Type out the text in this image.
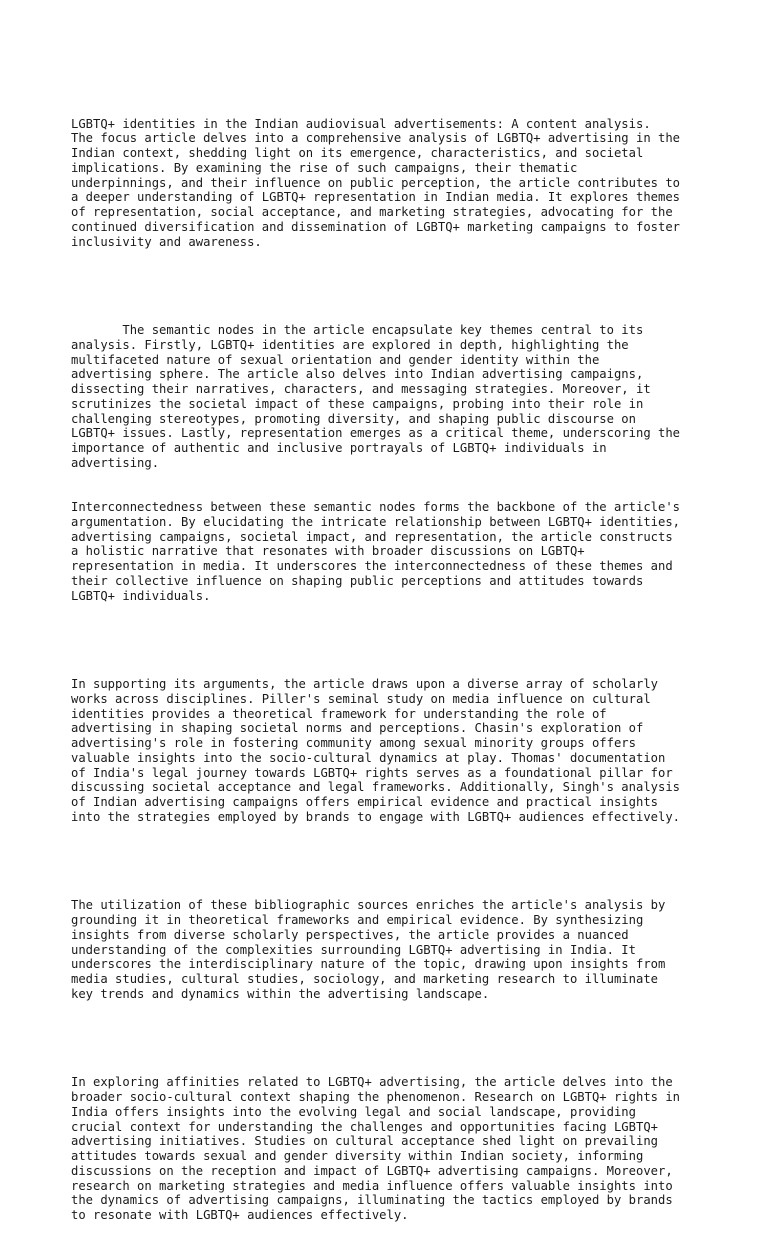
LGBTQ+ identities in the Indian audiovisual advertisements: A content analysis.
The focus article delves into a comprehensive analysis of LGBTQ+ advertising in the
Indian context, shedding light on its emergence, characteristics, and societal
implications. By examining the rise of such campaigns, their thematic
underpinnings, and their influence on public perception, the article contributes to
a deeper understanding of LGBTQ+ representation in Indian media. It explores themes
of representation, social acceptance, and marketing strategies, advocating for the
continued diversification and dissemination of LGBTQ+ marketing campaigns to foster
inclusivity and awareness.

The semantic nodes in the article encapsulate key themes central to its
analysis. Firstly, LGBTQ+ identities are explored in depth, highlighting the
multifaceted nature of sexual orientation and gender identity within the
advertising sphere. The article also delves into Indian advertising campaigns,
dissecting their narratives, characters, and messaging strategies. Moreover, it
scrutinizes the societal impact of these campaigns, probing into their role in
challenging stereotypes, promoting diversity, and shaping public discourse on
LGBTQ+ issues. Lastly, representation emerges as a critical theme, underscoring the
importance of authentic and inclusive portrayals of LGBTQ+ individuals in
advertising.

Interconnectedness between these semantic nodes forms the backbone of the article's
argumentation. By elucidating the intricate relationship between LGBTQ+ identities,
advertising campaigns, societal impact, and representation, the article constructs
a holistic narrative that resonates with broader discussions on LGBTQ+
representation in media. It underscores the interconnectedness of these themes and
their collective influence on shaping public perceptions and attitudes towards
LGBTQ+ individuals.

In supporting its arguments, the article draws upon a diverse array of scholarly
works across disciplines. Piller's seminal study on media influence on cultural
identities provides a theoretical framework for understanding the role of
advertising in shaping societal norms and perceptions. Chasin's exploration of
advertising's role in fostering community among sexual minority groups offers
valuable insights into the socio-cultural dynamics at play. Thomas' documentation
of India's legal journey towards LGBTQ+ rights serves as a foundational pillar for
discussing societal acceptance and legal frameworks. Additionally, Singh's analysis
of Indian advertising campaigns offers empirical evidence and practical insights
into the strategies employed by brands to engage with LGBTQ+ audiences effectively.

The utilization of these bibliographic sources enriches the article's analysis by
grounding it in theoretical frameworks and empirical evidence. By synthesizing
insights from diverse scholarly perspectives, the article provides a nuanced
understanding of the complexities surrounding LGBTQ+ advertising in India. It
underscores the interdisciplinary nature of the topic, drawing upon insights from
media studies, cultural studies, sociology, and marketing research to illuminate
key trends and dynamics within the advertising landscape.

In exploring affinities related to LGBTQ+ advertising, the article delves into the
broader socio-cultural context shaping the phenomenon. Research on LGBTQ+ rights in
India offers insights into the evolving legal and social landscape, providing
crucial context for understanding the challenges and opportunities facing LGBTQ+
advertising initiatives. Studies on cultural acceptance shed light on prevailing
attitudes towards sexual and gender diversity within Indian society, informing
discussions on the reception and impact of LGBTQ+ advertising campaigns. Moreover,
research on marketing strategies and media influence offers valuable insights into
the dynamics of advertising campaigns, illuminating the tactics employed by brands
to resonate with LGBTQ+ audiences effectively.
